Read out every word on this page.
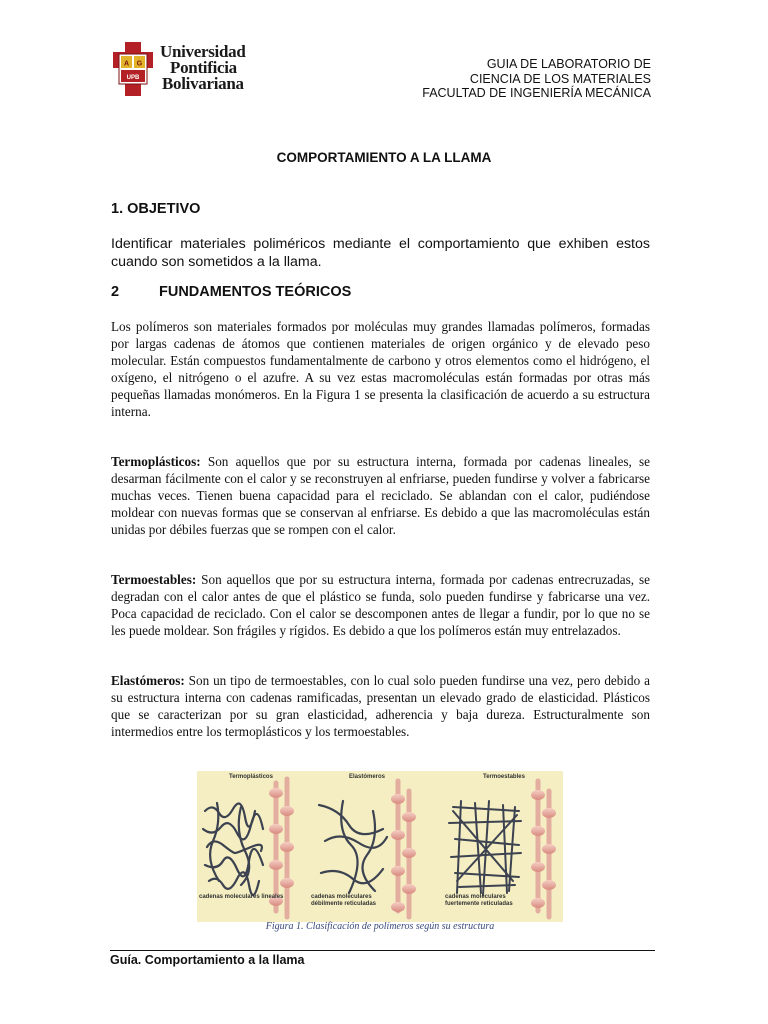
A G
UPB
Universidad
Pontificia
Bolivariana
GUIA DE LABORATORIO DE
CIENCIA DE LOS MATERIALES
FACULTAD DE INGENIERÍA MECÁNICA
COMPORTAMIENTO A LA LLAMA
1. OBJETIVO
Identificar materiales poliméricos mediante el comportamiento que exhiben estos cuando son sometidos a la llama.
2	FUNDAMENTOS TEÓRICOS

Los polímeros son materiales formados por moléculas muy grandes llamadas polímeros, formadas por largas cadenas de átomos que contienen materiales de origen orgánico y de elevado peso molecular. Están compuestos fundamentalmente de carbono y otros elementos como el hidrógeno, el oxígeno, el nitrógeno o el azufre. A su vez estas macromoléculas están formadas por otras más pequeñas llamadas monómeros. En la Figura 1 se presenta la clasificación de acuerdo a su estructura interna.

Termoplásticos: Son aquellos que por su estructura interna, formada por cadenas lineales, se desarman fácilmente con el calor y se reconstruyen al enfriarse, pueden fundirse y volver a fabricarse muchas veces. Tienen buena capacidad para el reciclado. Se ablandan con el calor, pudiéndose moldear con nuevas formas que se conservan al enfriarse. Es debido a que las macromoléculas están unidas por débiles fuerzas que se rompen con el calor.

Termoestables: Son aquellos que por su estructura interna, formada por cadenas entrecruzadas, se degradan con el calor antes de que el plástico se funda, solo pueden fundirse y fabricarse una vez. Poca capacidad de reciclado. Con el calor se descomponen antes de llegar a fundir, por lo que no se les puede moldear. Son frágiles y rígidos. Es debido a que los polímeros están muy entrelazados.

Elastómeros: Son un tipo de termoestables, con lo cual solo pueden fundirse una vez, pero debido a su estructura interna con cadenas ramificadas, presentan un elevado grado de elasticidad. Plásticos que se caracterizan por su gran elasticidad, adherencia y baja dureza. Estructuralmente son intermedios entre los termoplásticos y los termoestables.

Termoplásticos	Elastómeros	Termoestables
cadenas moleculares lineales	cadenas moleculares
débilmente reticuladas
cadenas moleculares
fuertemente reticuladas
Figura 1. Clasificación de polímeros según su estructura
Guía. Comportamiento a la llama
